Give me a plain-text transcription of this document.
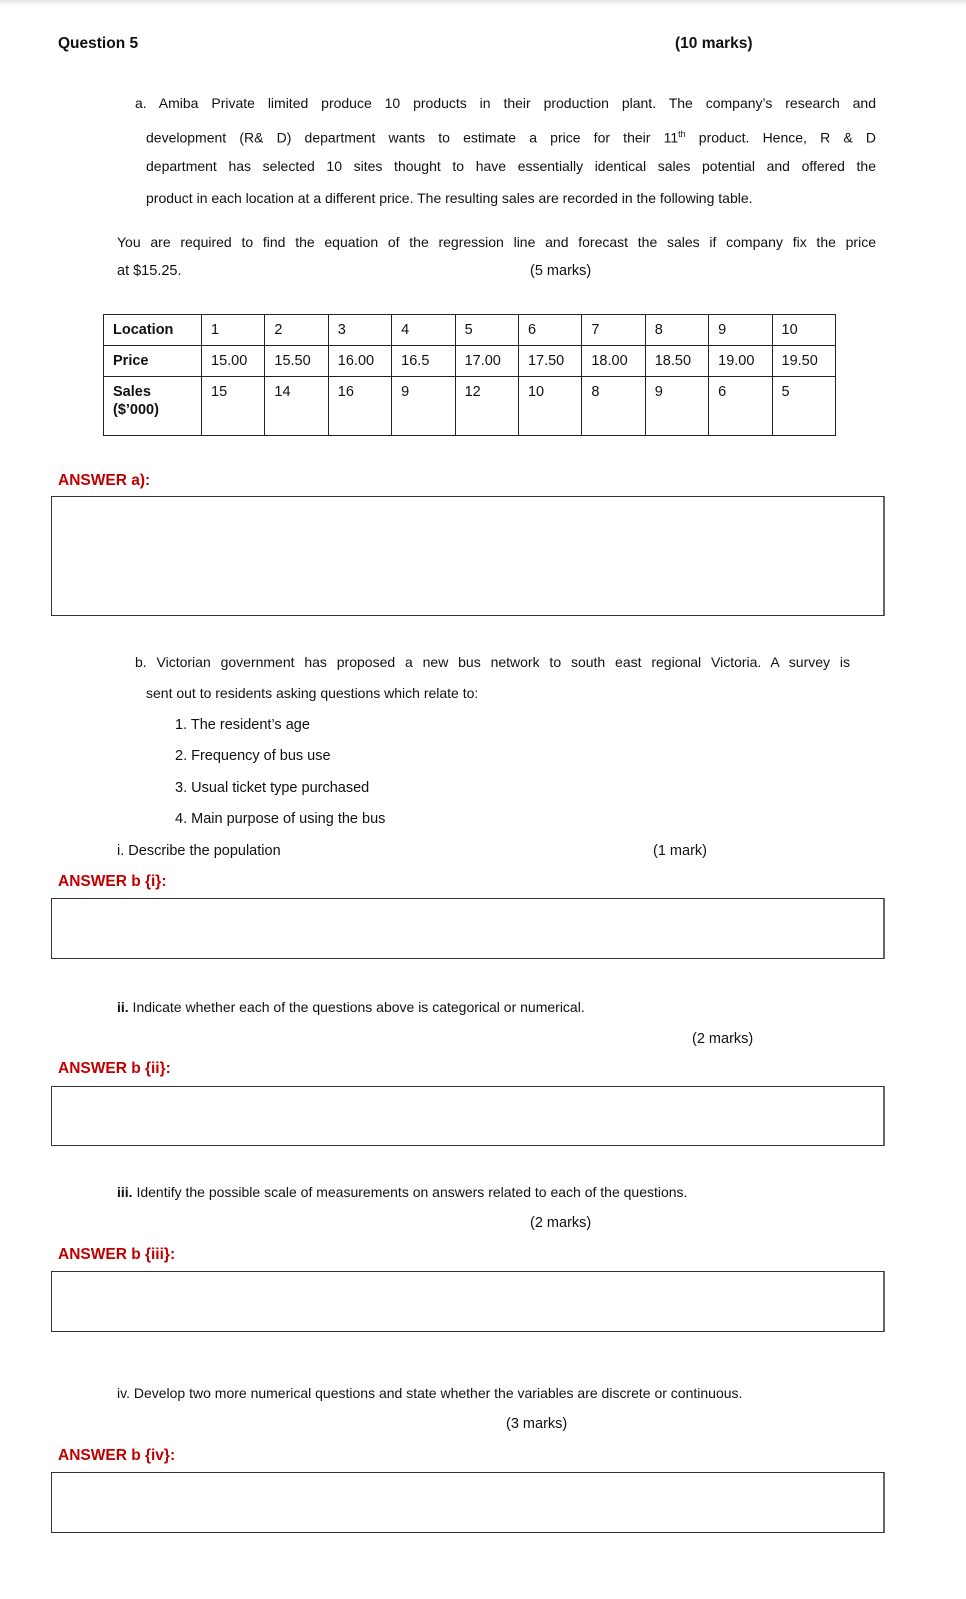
Question 5	(10 marks)
a. Amiba Private limited produce 10 products in their production plant. The company’s research and
development (R& D) department wants to estimate a price for their 11th product. Hence, R & D
department has selected 10 sites thought to have essentially identical sales potential and offered the
product in each location at a different price. The resulting sales are recorded in the following table.
You are required to find the equation of the regression line and forecast the sales if company fix the price
at $15.25.	(5 marks)
Location	1	2	3	4	5	6	7	8	9	10
Price	15.00	15.50	16.00	16.5	17.00	17.50	18.00	18.50	19.00	19.50
Sales
($’000)	15	14	16	9	12	10	8	9	6	5
ANSWER a):
b. Victorian government has proposed a new bus network to south east regional Victoria. A survey is
sent out to residents asking questions which relate to:
1. The resident’s age
2. Frequency of bus use
3. Usual ticket type purchased
4. Main purpose of using the bus
i. Describe the population	(1 mark)
ANSWER b {i}:
ii. Indicate whether each of the questions above is categorical or numerical.
(2 marks)
ANSWER b {ii}:
iii. Identify the possible scale of measurements on answers related to each of the questions.
(2 marks)
ANSWER b {iii}:
iv. Develop two more numerical questions and state whether the variables are discrete or continuous.
(3 marks)
ANSWER b {iv}:
